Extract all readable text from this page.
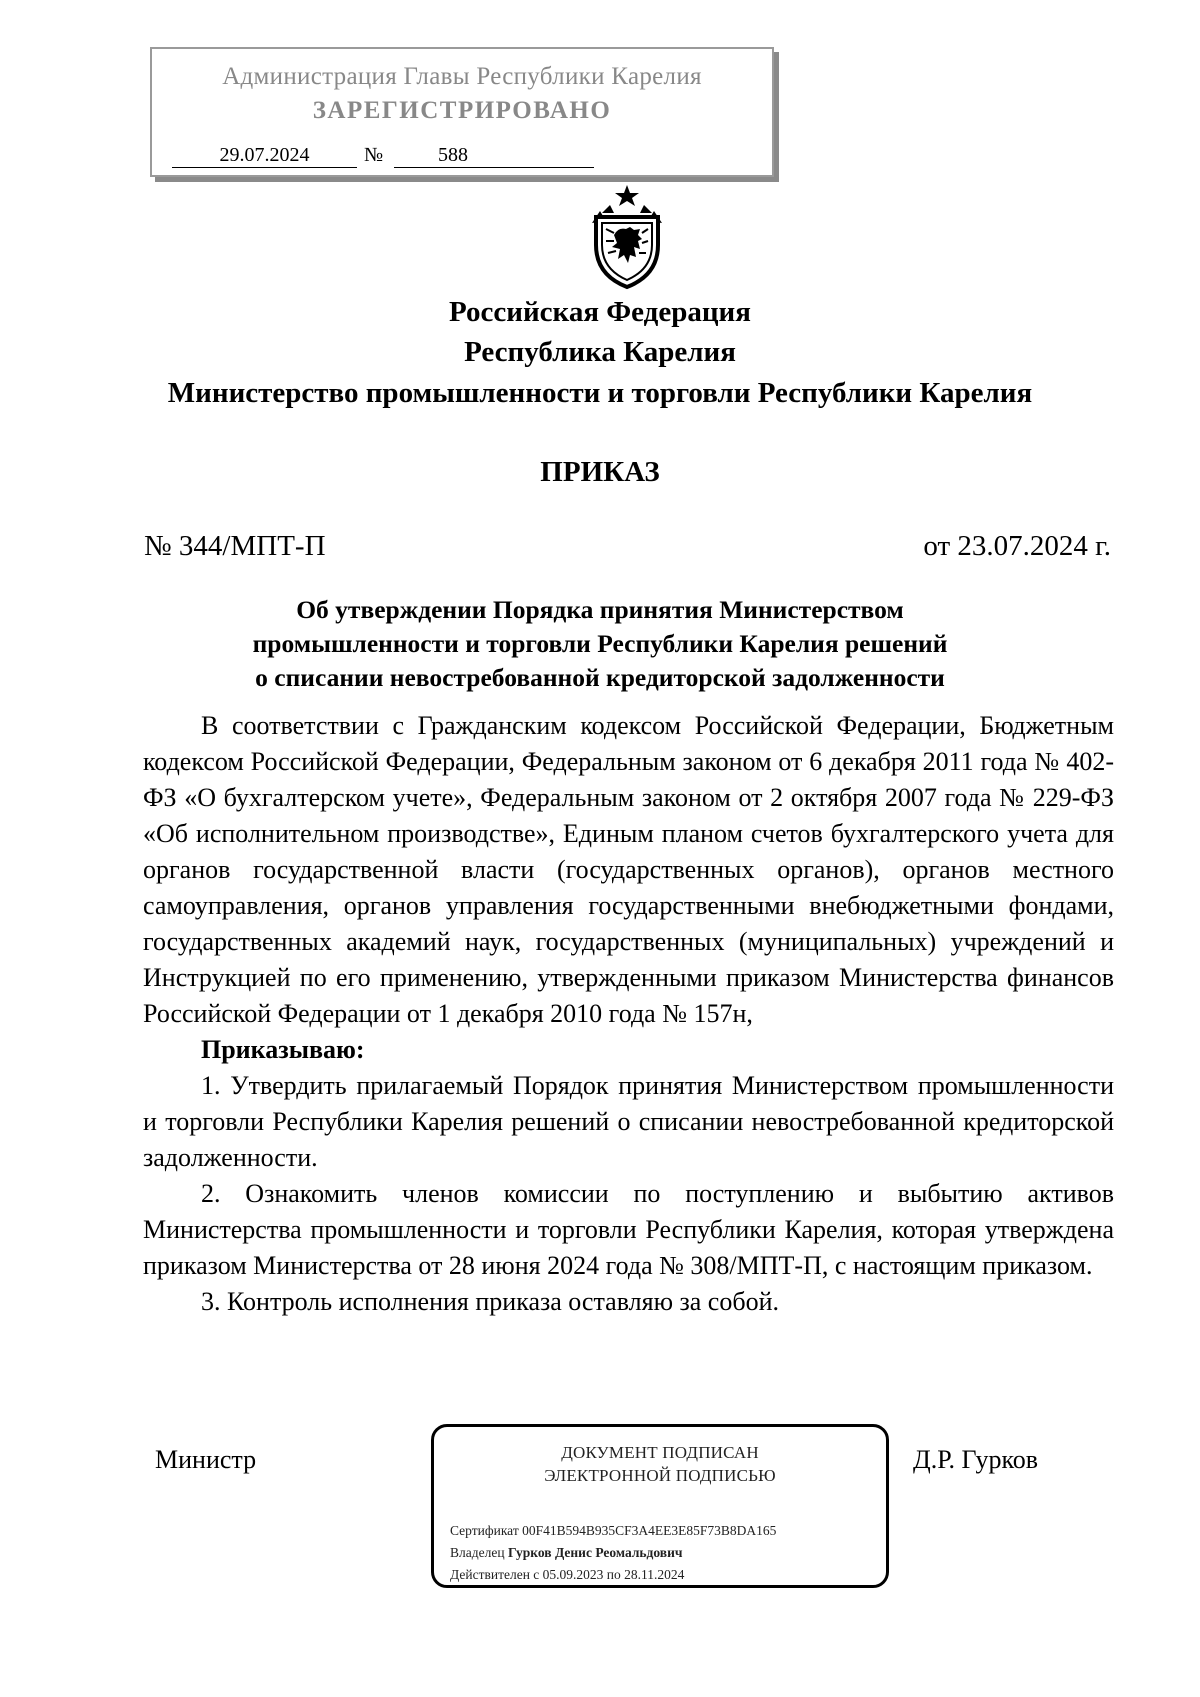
Администрация Главы Республики Карелия
ЗАРЕГИСТРИРОВАНО
29.07.2024	№	588
Российская Федерация
Республика Карелия
Министерство промышленности и торговли Республики Карелия
ПРИКАЗ
№ 344/МПТ-П	от 23.07.2024 г.
Об утверждении Порядка принятия Министерством
промышленности и торговли Республики Карелия решений
о списании невостребованной кредиторской задолженности

В соответствии с Гражданским кодексом Российской Федерации, Бюджетным кодексом Российской Федерации, Федеральным законом от 6 декабря 2011 года № 402-ФЗ «О бухгалтерском учете», Федеральным законом от 2 октября 2007 года № 229-ФЗ «Об исполнительном производстве», Единым планом счетов бухгалтерского учета для органов государственной власти (государственных органов), органов местного самоуправления, органов управления государственными внебюджетными фондами, государственных академий наук, государственных (муниципальных) учреждений и Инструкцией по его применению, утвержденными приказом Министерства финансов Российской Федерации от 1 декабря 2010 года № 157н,

Приказываю:

1. Утвердить прилагаемый Порядок принятия Министерством промышленности и торговли Республики Карелия решений о списании невостребованной кредиторской задолженности.

2. Ознакомить членов комиссии по поступлению и выбытию активов Министерства промышленности и торговли Республики Карелия, которая утверждена приказом Министерства от 28 июня 2024 года № 308/МПТ-П, с настоящим приказом.

3. Контроль исполнения приказа оставляю за собой.

Министр	ДОКУМЕНТ ПОДПИСАН
ЭЛЕКТРОННОЙ ПОДПИСЬЮ
Сертификат 00F41B594B935CF3A4EE3E85F73B8DA165
Владелец Гурков Денис Реомальдович
Действителен с 05.09.2023 по 28.11.2024
Д.Р. Гурков
